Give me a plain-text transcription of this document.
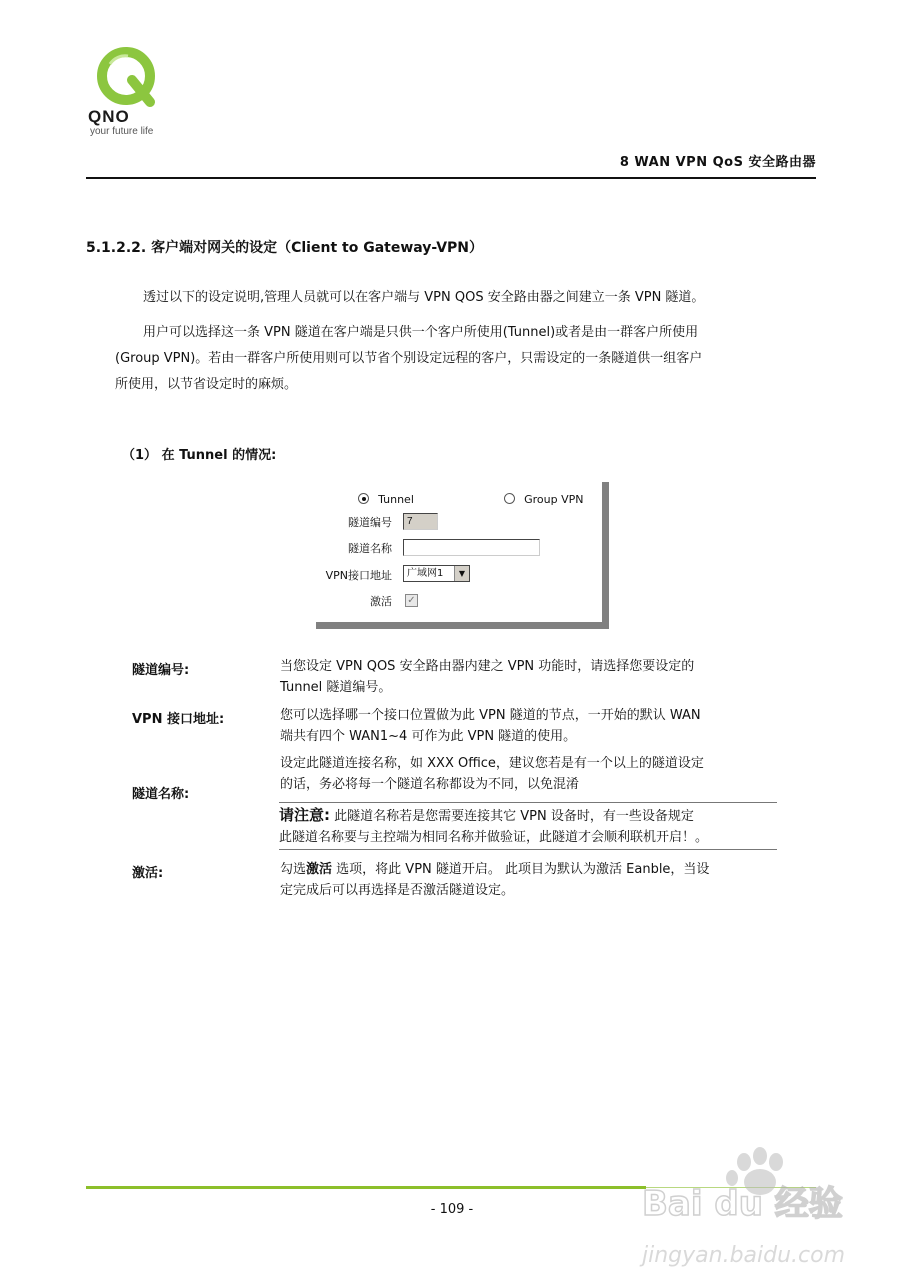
QNO
your future life
8 WAN VPN QoS 安全路由器
5.1.2.2. 客户端对网关的设定（Client to Gateway-VPN）
透过以下的设定说明,管理人员就可以在客户端与 VPN QOS 安全路由器之间建立一条 VPN 隧道。
用户可以选择这一条 VPN 隧道在客户端是只供一个客户所使用(Tunnel)或者是由一群客户所使用
(Group VPN)。若由一群客户所使用则可以节省个别设定远程的客户，只需设定的一条隧道供一组客户
所使用，以节省设定时的麻烦。
（1） 在 Tunnel 的情况:
Tunnel	Group VPN
隧道编号	7
隧道名称
VPN接口地址	广域网1	▼
激活 ✓
隧道编号:	当您设定 VPN QOS 安全路由器内建之 VPN 功能时，请选择您要设定的
Tunnel 隧道编号。
VPN 接口地址:	您可以选择哪一个接口位置做为此 VPN 隧道的节点，一开始的默认 WAN
端共有四个 WAN1~4 可作为此 VPN 隧道的使用。
隧道名称:
设定此隧道连接名称，如 XXX Office，建议您若是有一个以上的隧道设定
的话，务必将每一个隧道名称都设为不同，以免混淆
请注意: 此隧道名称若是您需要连接其它 VPN 设备时，有一些设备规定
此隧道名称要与主控端为相同名称并做验证，此隧道才会顺利联机开启！。
激活:	勾选激活 选项，将此 VPN 隧道开启。 此项目为默认为激活 Eanble，当设
定完成后可以再选择是否激活隧道设定。
- 109 -	Bai du 经验
jingyan.baidu.com
